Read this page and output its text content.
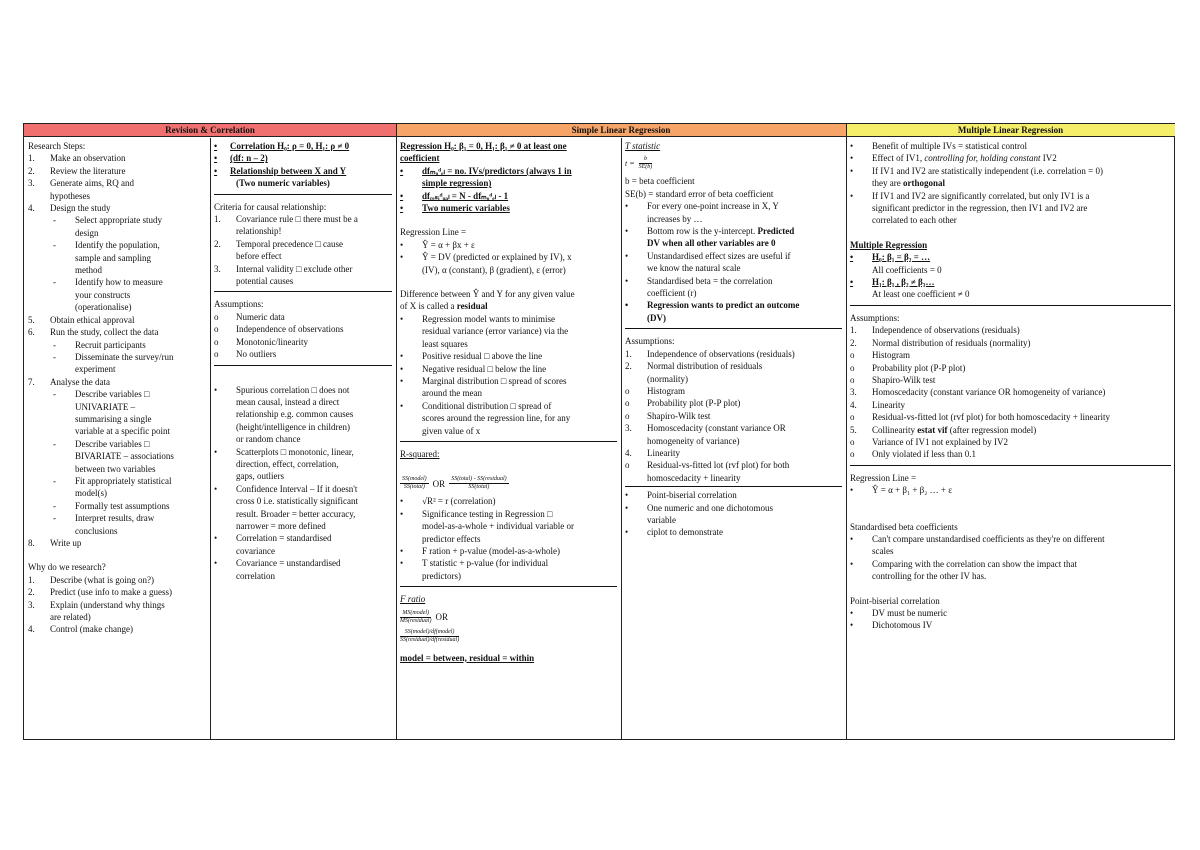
Revision & Correlation	Simple Linear Regression	Multiple Linear Regression

Research Steps:

1.	Make an observation
2.	Review the literature
3.	Generate aims, RQ and
hypotheses
4.	Design the study
-	Select appropriate study
design
-	Identify the population,
sample and sampling
method
-	Identify how to measure
your constructs
(operationalise)
5.	Obtain ethical approval
6.	Run the study, collect the data
-	Recruit participants
-	Disseminate the survey/run
experiment
7.	Analyse the data
-	Describe variables □
UNIVARIATE –
summarising a single
variable at a specific point
-	Describe variables □
BIVARIATE – associations
between two variables
-	Fit appropriately statistical
model(s)
-	Formally test assumptions
-	Interpret results, draw
conclusions
8.	Write up

Why do we research?

1.	Describe (what is going on?)
2.	Predict (use info to make a guess)
3.	Explain (understand why things
are related)
4.	Control (make change)
•	Correlation H₀: ρ = 0, H₁: ρ ≠ 0
•	(df: n – 2)
•	Relationship between X and Y

(Two numeric variables)

Criteria for causal relationship:

1.	Covariance rule □ there must be a
relationship!
2.	Temporal precedence □ cause
before effect
3.	Internal validity □ exclude other
potential causes

Assumptions:

o	Numeric data
o	Independence of observations
o	Monotonic/linearity
o	No outliers
•	Spurious correlation □ does not
mean causal, instead a direct
relationship e.g. common causes
(height/intelligence in children)
or random chance
•	Scatterplots □ monotonic, linear,
direction, effect, correlation,
gaps, outliers
•	Confidence Interval – If it doesn't
cross 0 i.e. statistically significant
result. Broader = better accuracy,
narrower = more defined
•	Correlation = standardised
covariance
•	Covariance = unstandardised
correlation

Regression H₀: β₁ = 0, H₁: β₁ ≠ 0 at least one
coefficient

•	dfₘₒᵈₑₗ = no. IVs/predictors (always 1 in
simple regression)
•	dfᵣₑₛᵢᵈᵤₐₗ = N - dfₘₒᵈₑₗ - 1
•	Two numeric variables

Regression Line =

•	Ŷ = α + βx + ε
•	Ŷ = DV (predicted or explained by IV), x
(IV), α (constant), β (gradient), ε (error)

Difference between Ŷ and Y for any given value
of X is called a residual

•	Regression model wants to minimise
residual variance (error variance) via the
least squares
•	Positive residual □ above the line
•	Negative residual □ below the line
•	Marginal distribution □ spread of scores
around the mean
•	Conditional distribution □ spread of
scores around the regression line, for any
given value of x

R-squared:

$\frac{\text{SS(model)}}{\text{SS(total)}}$ OR $\frac{\text{SS(total) - SS(residual)}}{\text{SS(total)}}$
•	√R² = r (correlation)
•	Significance testing in Regression □
model-as-a-whole + individual variable or
predictor effects
•	F ration + p-value (model-as-a-whole)
•	T statistic + p-value (for individual
predictors)

F ratio

$\frac{\text{MS(model)}}{\text{MS(residual)}}$ OR
$\frac{\text{SS(model)/df(model)}}{\text{SS(residual)/df(residual)}}$

model = between, residual = within

T statistic

$t = \frac{b}{SE(b)}$

b = beta coefficient

SE(b) = standard error of beta coefficient

•	For every one-point increase in X, Y
increases by …
•	Bottom row is the y-intercept. Predicted
DV when all other variables are 0
•	Unstandardised effect sizes are useful if
we know the natural scale
•	Standardised beta = the correlation
coefficient (r)
•	Regression wants to predict an outcome
(DV)

Assumptions:

1.	Independence of observations (residuals)
2.	Normal distribution of residuals
(normality)
o	Histogram
o	Probability plot (P-P plot)
o	Shapiro-Wilk test
3.	Homoscedacity (constant variance OR
homogeneity of variance)
4.	Linearity
o	Residual-vs-fitted lot (rvf plot) for both
homoscedacity + linearity
•	Point-biserial correlation
•	One numeric and one dichotomous
variable
•	ciplot to demonstrate
•	Benefit of multiple IVs = statistical control
•	Effect of IV1, controlling for, holding constant IV2
•	If IV1 and IV2 are statistically independent (i.e. correlation = 0)
they are orthogonal
•	If IV1 and IV2 are significantly correlated, but only IV1 is a
significant predictor in the regression, then IV1 and IV2 are
correlated to each other

Multiple Regression

•	H₀: β₁ = β₂ = …

All coefficients = 0

•	H₁: β₁ , β₂ ≠ β₃…

At least one coefficient ≠ 0

Assumptions:

1.	Independence of observations (residuals)
2.	Normal distribution of residuals (normality)
o	Histogram
o	Probability plot (P-P plot)
o	Shapiro-Wilk test
3.	Homoscedacity (constant variance OR homogeneity of variance)
4.	Linearity
o	Residual-vs-fitted lot (rvf plot) for both homoscedacity + linearity
5.	Collinearity estat vif (after regression model)
o	Variance of IV1 not explained by IV2
o	Only violated if less than 0.1

Regression Line =

•	Ŷ = α + β₁ + β₂ … + ε

Standardised beta coefficients

•	Can't compare unstandardised coefficients as they're on different
scales
•	Comparing with the correlation can show the impact that
controlling for the other IV has.

Point-biserial correlation

•	DV must be numeric
•	Dichotomous IV
